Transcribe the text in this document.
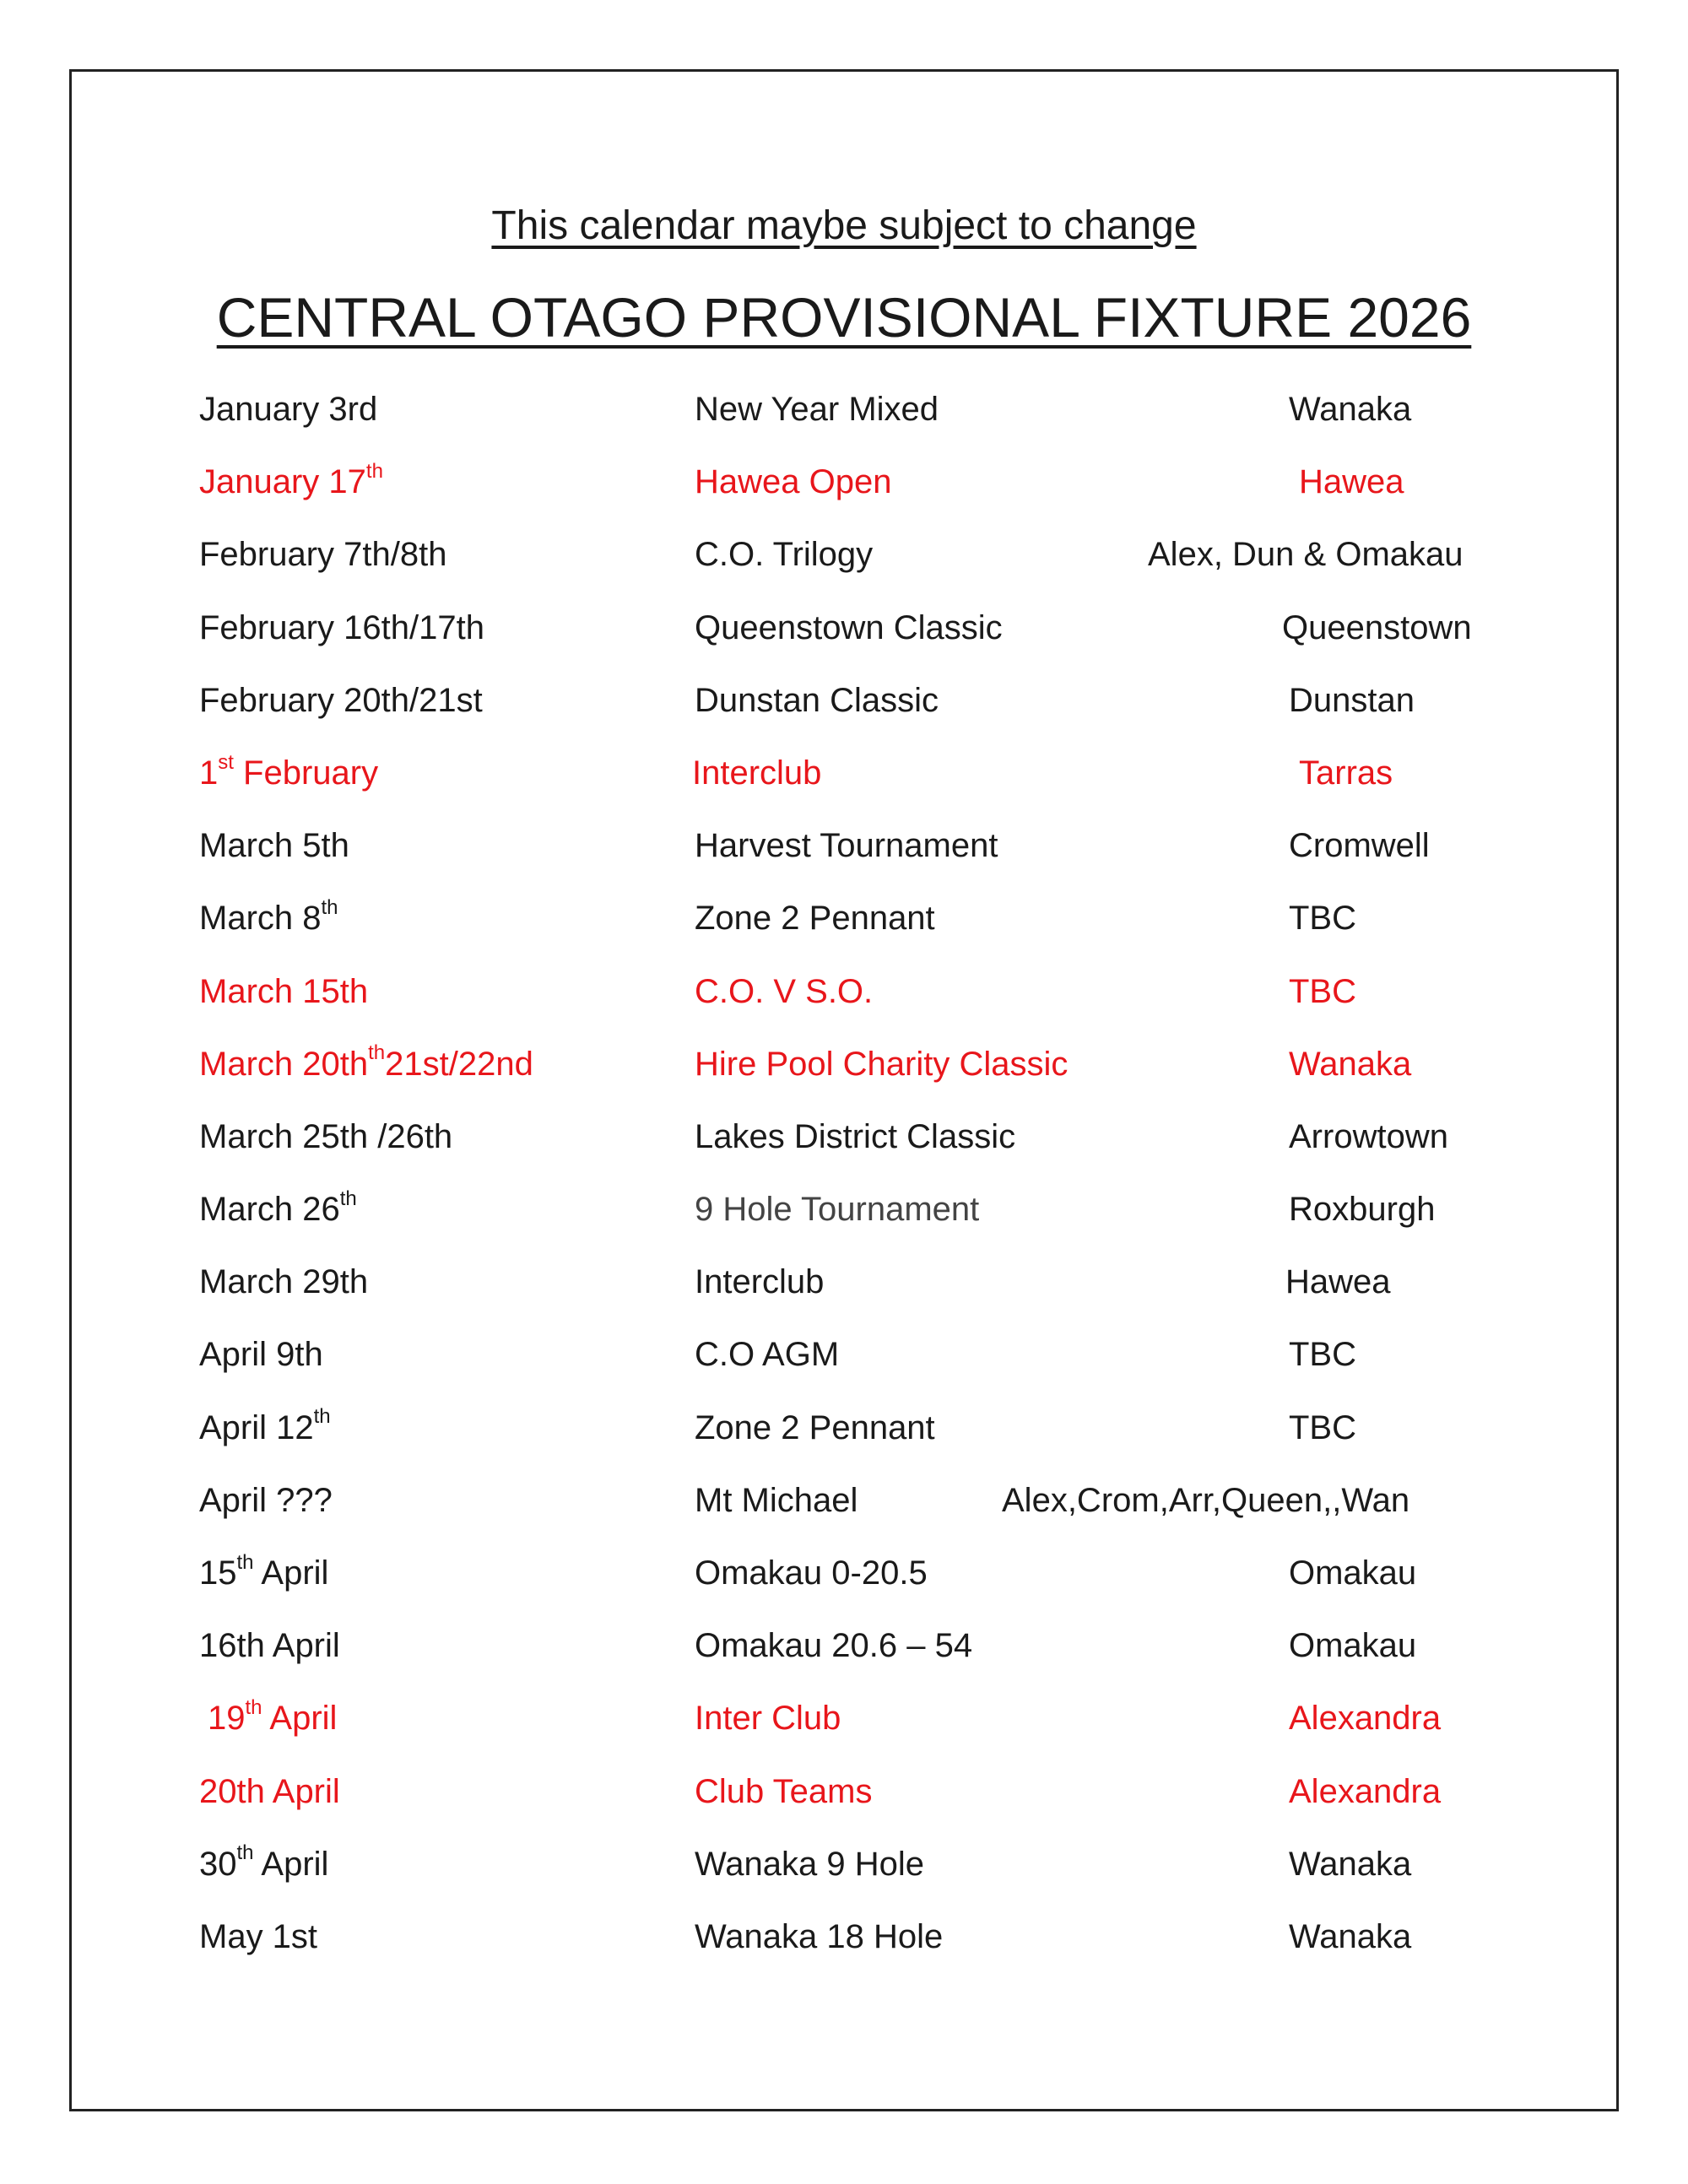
This calendar maybe subject to change
CENTRAL OTAGO PROVISIONAL FIXTURE 2026
January 3rd	New Year Mixed	Wanaka
January 17th	Hawea Open	Hawea
February 7th/8th	C.O. Trilogy	Alex, Dun & Omakau
February 16th/17th	Queenstown Classic	Queenstown
February 20th/21st	Dunstan Classic	Dunstan
1st February	Interclub	Tarras
March 5th	Harvest Tournament	Cromwell
March 8th	Zone 2 Pennant	TBC
March 15th	C.O. V S.O.	TBC
March $20th^{th}21st/22nd$	Hire Pool Charity Classic	Wanaka
March 25th /26th	Lakes District Classic	Arrowtown
March 26th	9 Hole Tournament	Roxburgh
March 29th	Interclub	Hawea
April 9th	C.O AGM	TBC
April 12th	Zone 2 Pennant	TBC
April ???	Mt Michael	Alex,Crom,Arr,Queen,,Wan
15th April	Omakau 0-20.5	Omakau
16th April	Omakau 20.6 – 54	Omakau
19th April	Inter Club	Alexandra
20th April	Club Teams	Alexandra
30th April	Wanaka 9 Hole	Wanaka
May 1st	Wanaka 18 Hole	Wanaka
